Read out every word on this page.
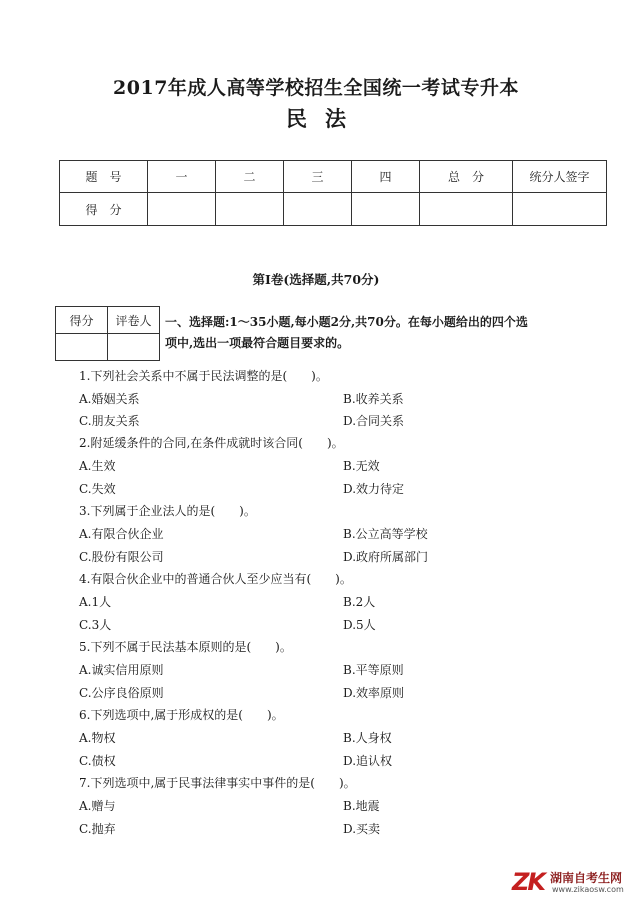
2017年成人高等学校招生全国统一考试专升本
民法
题号	一	二	三	四	总分	统分人签字
得分						
第Ⅰ卷(选择题,共70分)
得分	评卷人
	一、选择题:1～35小题,每小题2分,共70分。在每小题给出的四个选
项中,选出一项最符合题目要求的。
1.下列社会关系中不属于民法调整的是(　　)。
A.婚姻关系	B.收养关系
C.朋友关系	D.合同关系
2.附延缓条件的合同,在条件成就时该合同(　　)。
A.生效	B.无效
C.失效	D.效力待定
3.下列属于企业法人的是(　　)。
A.有限合伙企业	B.公立高等学校
C.股份有限公司	D.政府所属部门
4.有限合伙企业中的普通合伙人至少应当有(　　)。
A.1人	B.2人
C.3人	D.5人
5.下列不属于民法基本原则的是(　　)。
A.诚实信用原则	B.平等原则
C.公序良俗原则	D.效率原则
6.下列选项中,属于形成权的是(　　)。
A.物权	B.人身权
C.债权	D.追认权
7.下列选项中,属于民事法律事实中事件的是(　　)。
A.赠与	B.地震
C.抛弃	D.买卖
ZK 湖南自考生网
www.zikaosw.com
